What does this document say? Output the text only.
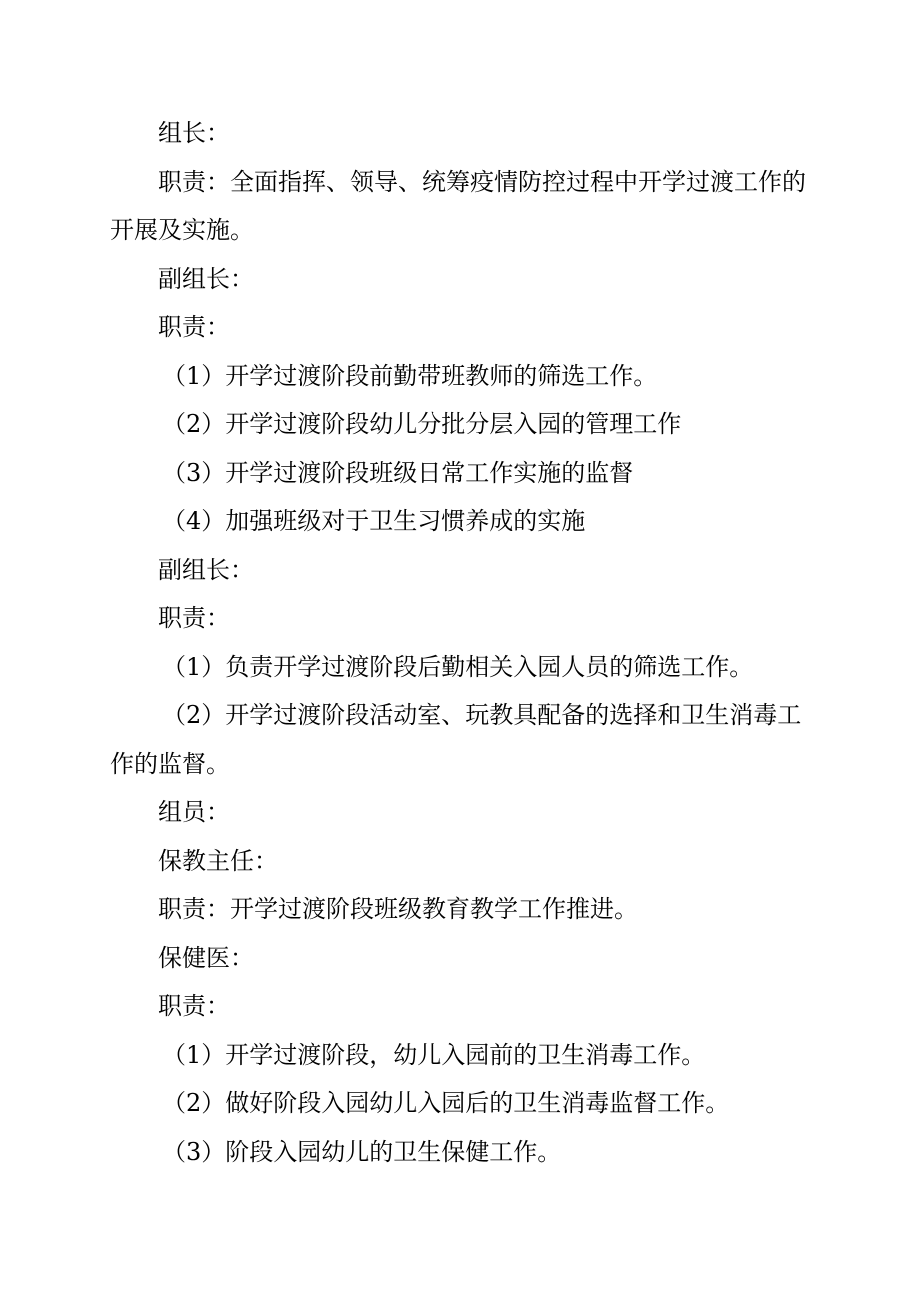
组长：

职责：全面指挥、领导、统筹疫情防控过程中开学过渡工作的开展及实施。

副组长：

职责：

（1）开学过渡阶段前勤带班教师的筛选工作。

（2）开学过渡阶段幼儿分批分层入园的管理工作

（3）开学过渡阶段班级日常工作实施的监督

（4）加强班级对于卫生习惯养成的实施

副组长：

职责：

（1）负责开学过渡阶段后勤相关入园人员的筛选工作。

（2）开学过渡阶段活动室、玩教具配备的选择和卫生消毒工作的监督。

组员：

保教主任：

职责：开学过渡阶段班级教育教学工作推进。

保健医：

职责：

（1）开学过渡阶段，幼儿入园前的卫生消毒工作。

（2）做好阶段入园幼儿入园后的卫生消毒监督工作。

（3）阶段入园幼儿的卫生保健工作。
